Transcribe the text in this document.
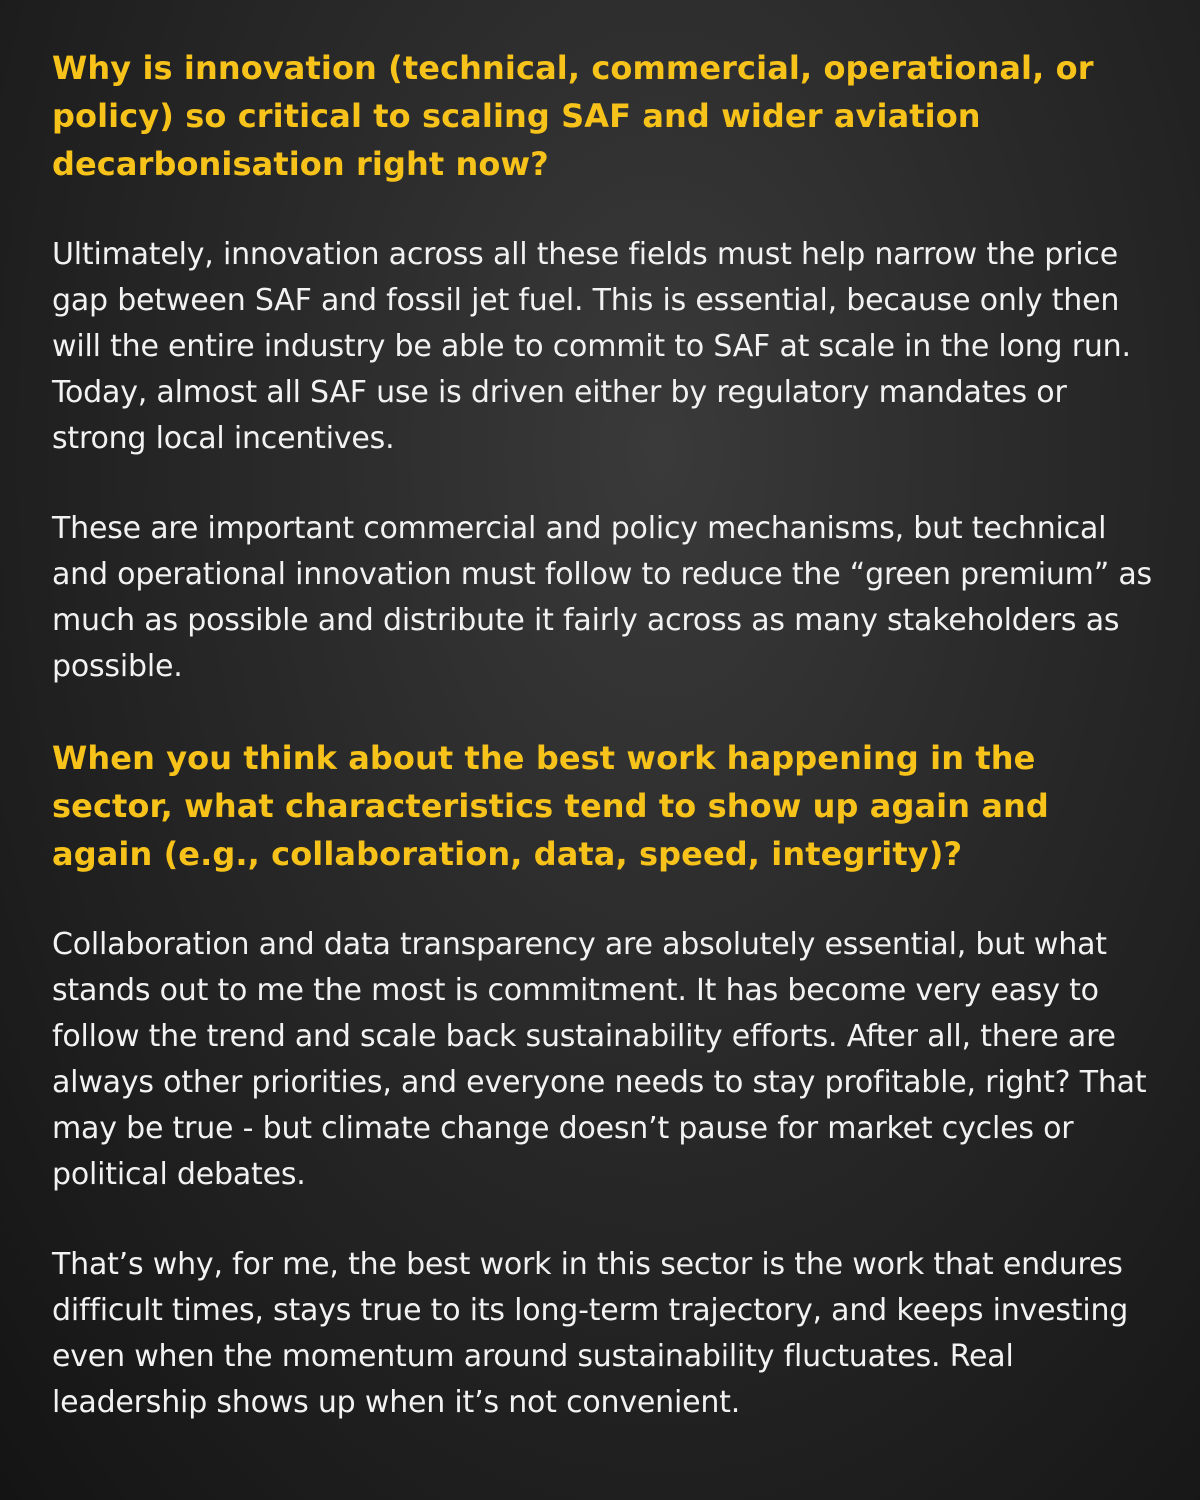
Why is innovation (technical, commercial, operational, or policy) so critical to scaling SAF and wider aviation decarbonisation right now?

Ultimately, innovation across all these fields must help narrow the price gap between SAF and fossil jet fuel. This is essential, because only then will the entire industry be able to commit to SAF at scale in the long run. Today, almost all SAF use is driven either by regulatory mandates or strong local incentives.

These are important commercial and policy mechanisms, but technical and operational innovation must follow to reduce the “green premium” as much as possible and distribute it fairly across as many stakeholders as possible.

When you think about the best work happening in the sector, what characteristics tend to show up again and again (e.g., collaboration, data, speed, integrity)?

Collaboration and data transparency are absolutely essential, but what stands out to me the most is commitment. It has become very easy to follow the trend and scale back sustainability efforts. After all, there are always other priorities, and everyone needs to stay profitable, right? That may be true - but climate change doesn’t pause for market cycles or political debates.

That’s why, for me, the best work in this sector is the work that endures difficult times, stays true to its long-term trajectory, and keeps investing even when the momentum around sustainability fluctuates. Real leadership shows up when it’s not convenient.
